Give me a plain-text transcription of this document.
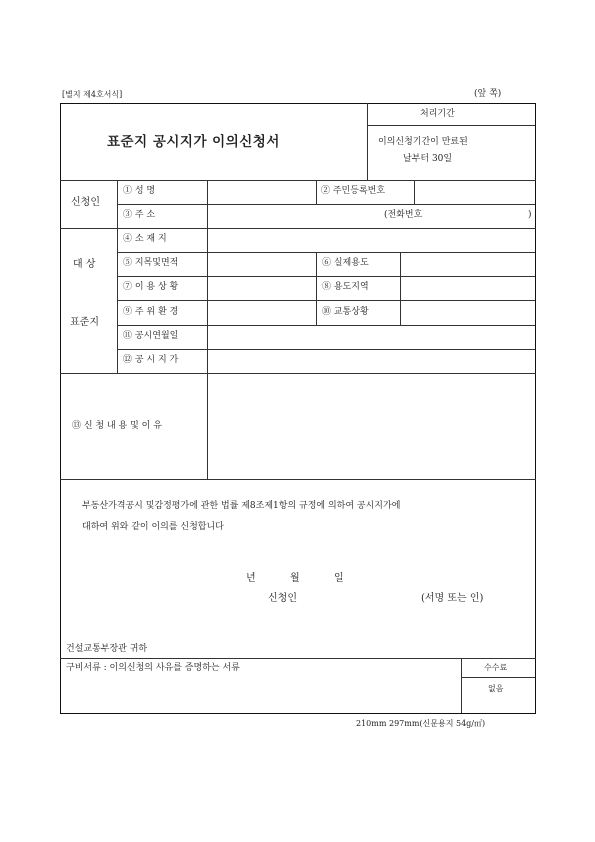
[별지 제4호서식]	(앞 쪽)
표준지 공시지가 이의신청서
처리기간
이의신청기간이 만료된
날부터 30일
신청인
① 성 명	② 주민등록번호
③ 주 소	(전화번호	)
대 상
표준지
④ 소 재 지
⑤ 지목및면적	⑥ 실제용도
⑦ 이 용 상 황	⑧ 용도지역
⑨ 주 위 환 경	⑩ 교통상황
⑪ 공시연월일
⑫ 공 시 지 가
⑬ 신 청 내 용 및 이 유
부동산가격공시 및감정평가에 관한 법률 제8조제1항의 규정에 의하여 공시지가에
대하여 위와 같이 이의를 신청합니다
년	월	일
신청인	(서명 또는 인)
건설교통부장관 귀하
구비서류 : 이의신청의 사유를 증명하는 서류	수수료
없음
210mm 297mm(신문용지 54g/㎡)
